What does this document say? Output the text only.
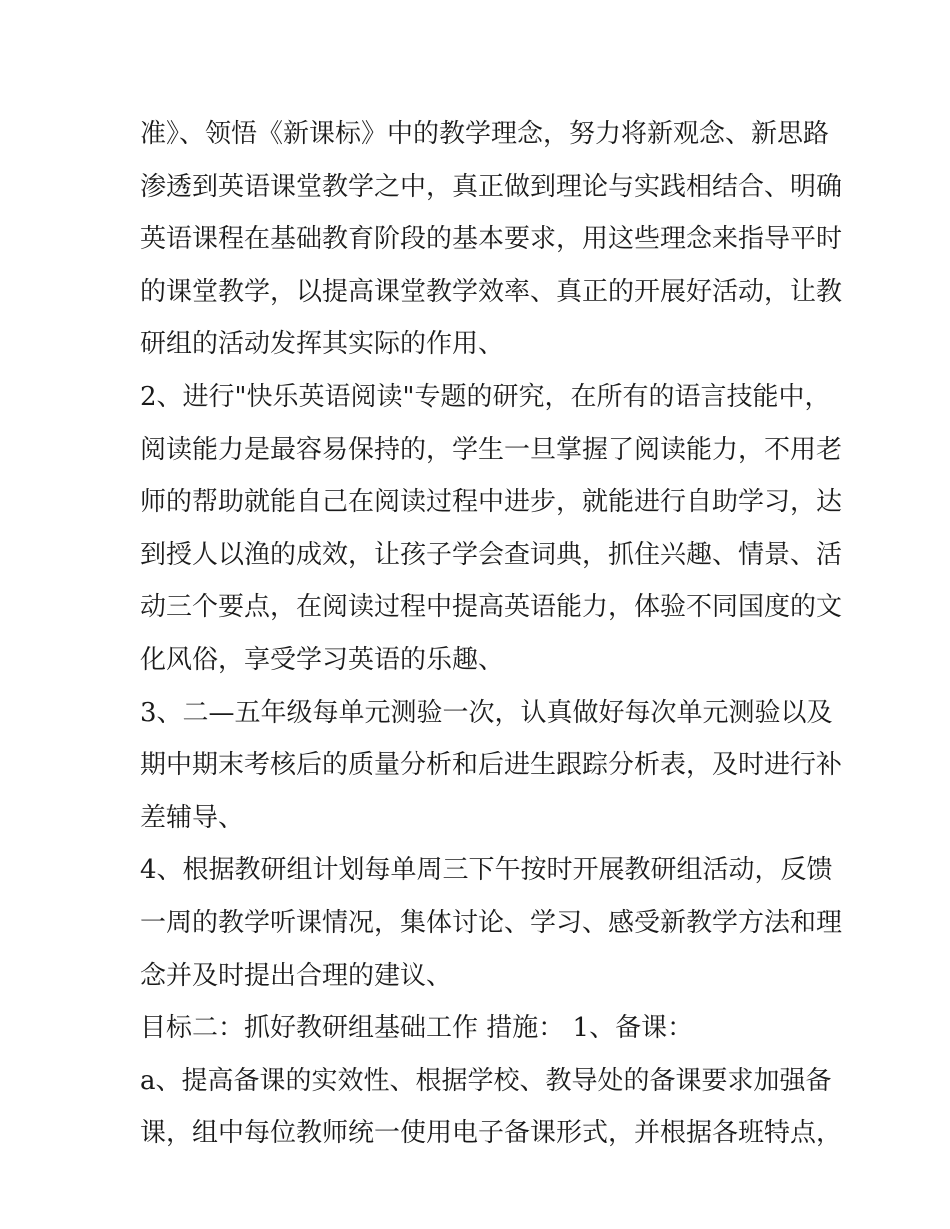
准》、领悟《新课标》中的教学理念，努力将新观念、新思路
渗透到英语课堂教学之中，真正做到理论与实践相结合、明确
英语课程在基础教育阶段的基本要求，用这些理念来指导平时
的课堂教学，以提高课堂教学效率、真正的开展好活动，让教
研组的活动发挥其实际的作用、
2、进行"快乐英语阅读"专题的研究，在所有的语言技能中，
阅读能力是最容易保持的，学生一旦掌握了阅读能力，不用老
师的帮助就能自己在阅读过程中进步，就能进行自助学习，达
到授人以渔的成效，让孩子学会查词典，抓住兴趣、情景、活
动三个要点，在阅读过程中提高英语能力，体验不同国度的文
化风俗，享受学习英语的乐趣、
3、二—五年级每单元测验一次，认真做好每次单元测验以及
期中期末考核后的质量分析和后进生跟踪分析表，及时进行补
差辅导、
4、根据教研组计划每单周三下午按时开展教研组活动，反馈
一周的教学听课情况，集体讨论、学习、感受新教学方法和理
念并及时提出合理的建议、
目标二：抓好教研组基础工作 措施： 1、备课：
a、提高备课的实效性、根据学校、教导处的备课要求加强备
课，组中每位教师统一使用电子备课形式，并根据各班特点，
